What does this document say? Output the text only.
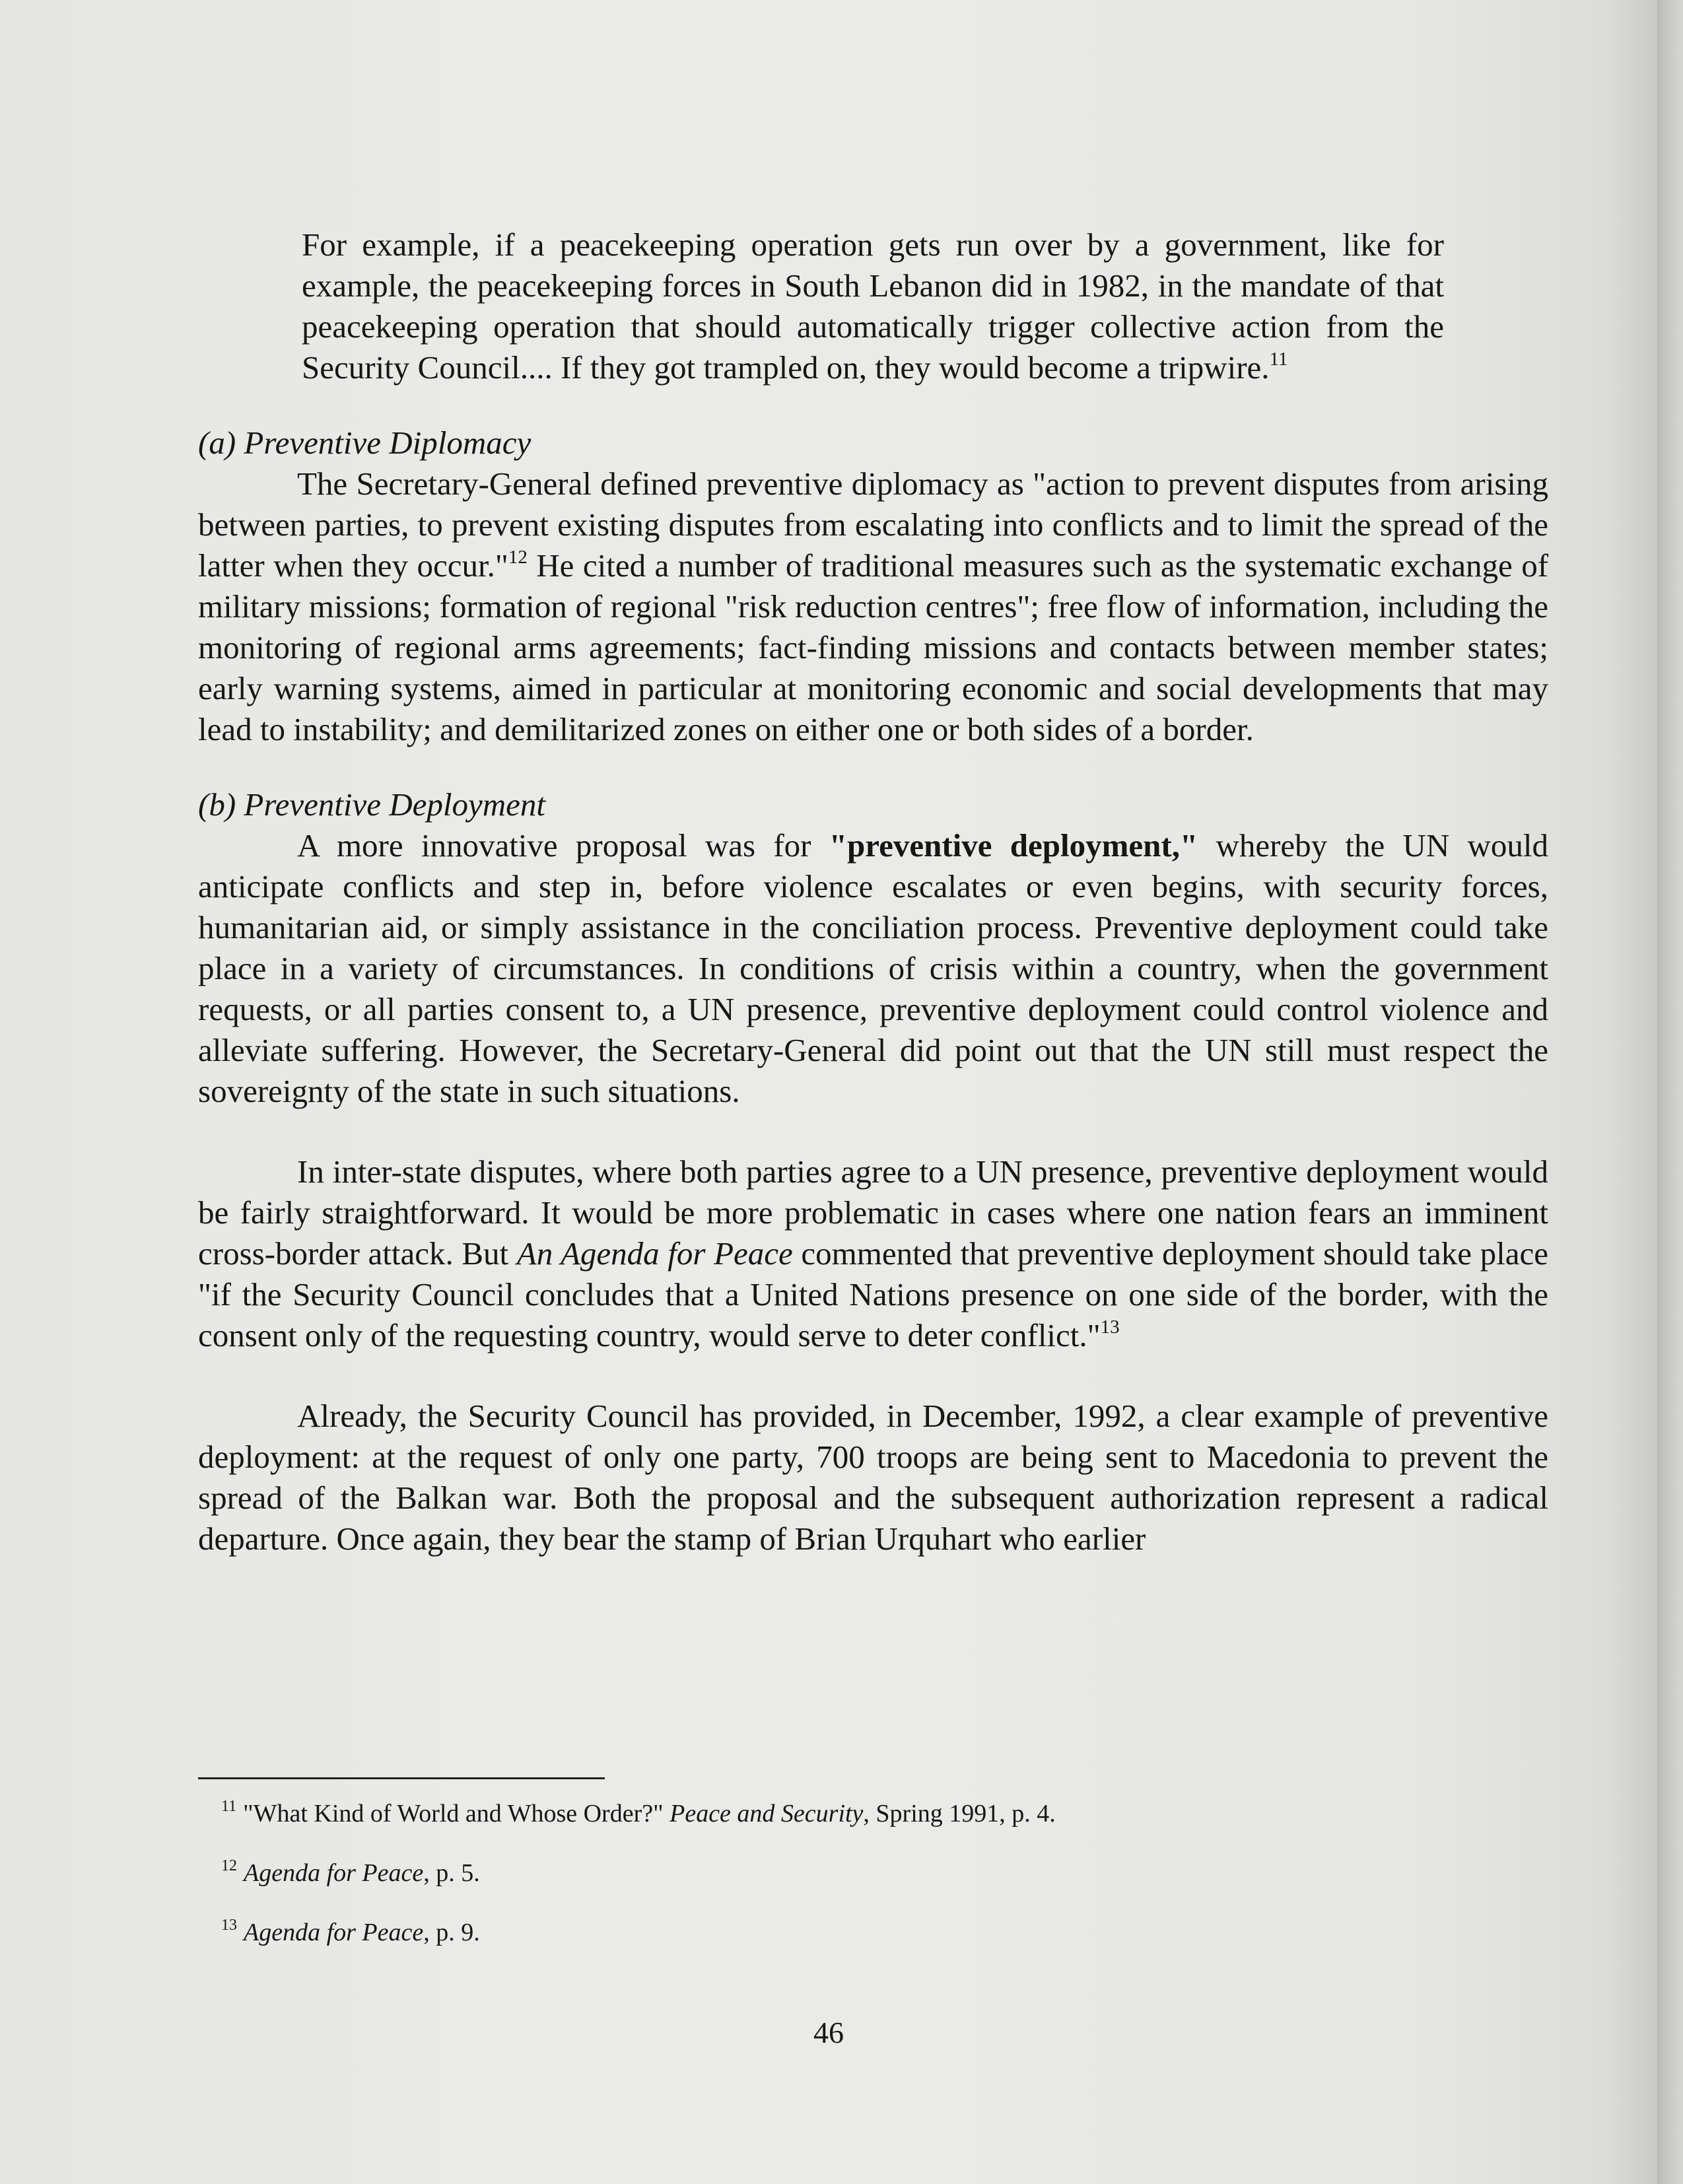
For example, if a peacekeeping operation gets run over by a government, like for example, the peacekeeping forces in South Lebanon did in 1982, in the mandate of that peacekeeping operation that should automatically trigger collective action from the Security Council.... If they got trampled on, they would become a tripwire.$^{11}$

(a) Preventive Diplomacy

The Secretary-General defined preventive diplomacy as "action to prevent disputes from arising between parties, to prevent existing disputes from escalating into conflicts and to limit the spread of the latter when they occur."$^{12}$ He cited a number of traditional measures such as the systematic exchange of military missions; formation of regional "risk reduction centres"; free flow of information, including the monitoring of regional arms agreements; fact-finding missions and contacts between member states; early warning systems, aimed in particular at monitoring economic and social developments that may lead to instability; and demilitarized zones on either one or both sides of a border.

(b) Preventive Deployment

A more innovative proposal was for "preventive deployment," whereby the UN would anticipate conflicts and step in, before violence escalates or even begins, with security forces, humanitarian aid, or simply assistance in the conciliation process. Preventive deployment could take place in a variety of circumstances. In conditions of crisis within a country, when the government requests, or all parties consent to, a UN presence, preventive deployment could control violence and alleviate suffering. However, the Secretary-General did point out that the UN still must respect the sovereignty of the state in such situations.

In inter-state disputes, where both parties agree to a UN presence, preventive deployment would be fairly straightforward. It would be more problematic in cases where one nation fears an imminent cross-border attack. But An Agenda for Peace commented that preventive deployment should take place "if the Security Council concludes that a United Nations presence on one side of the border, with the consent only of the requesting country, would serve to deter conflict."$^{13}$

Already, the Security Council has provided, in December, 1992, a clear example of preventive deployment: at the request of only one party, 700 troops are being sent to Macedonia to prevent the spread of the Balkan war. Both the proposal and the subsequent authorization represent a radical departure. Once again, they bear the stamp of Brian Urquhart who earlier

$^{11}$ "What Kind of World and Whose Order?" Peace and Security, Spring 1991, p. 4.

$^{12}$ Agenda for Peace, p. 5.

$^{13}$ Agenda for Peace, p. 9.

46
